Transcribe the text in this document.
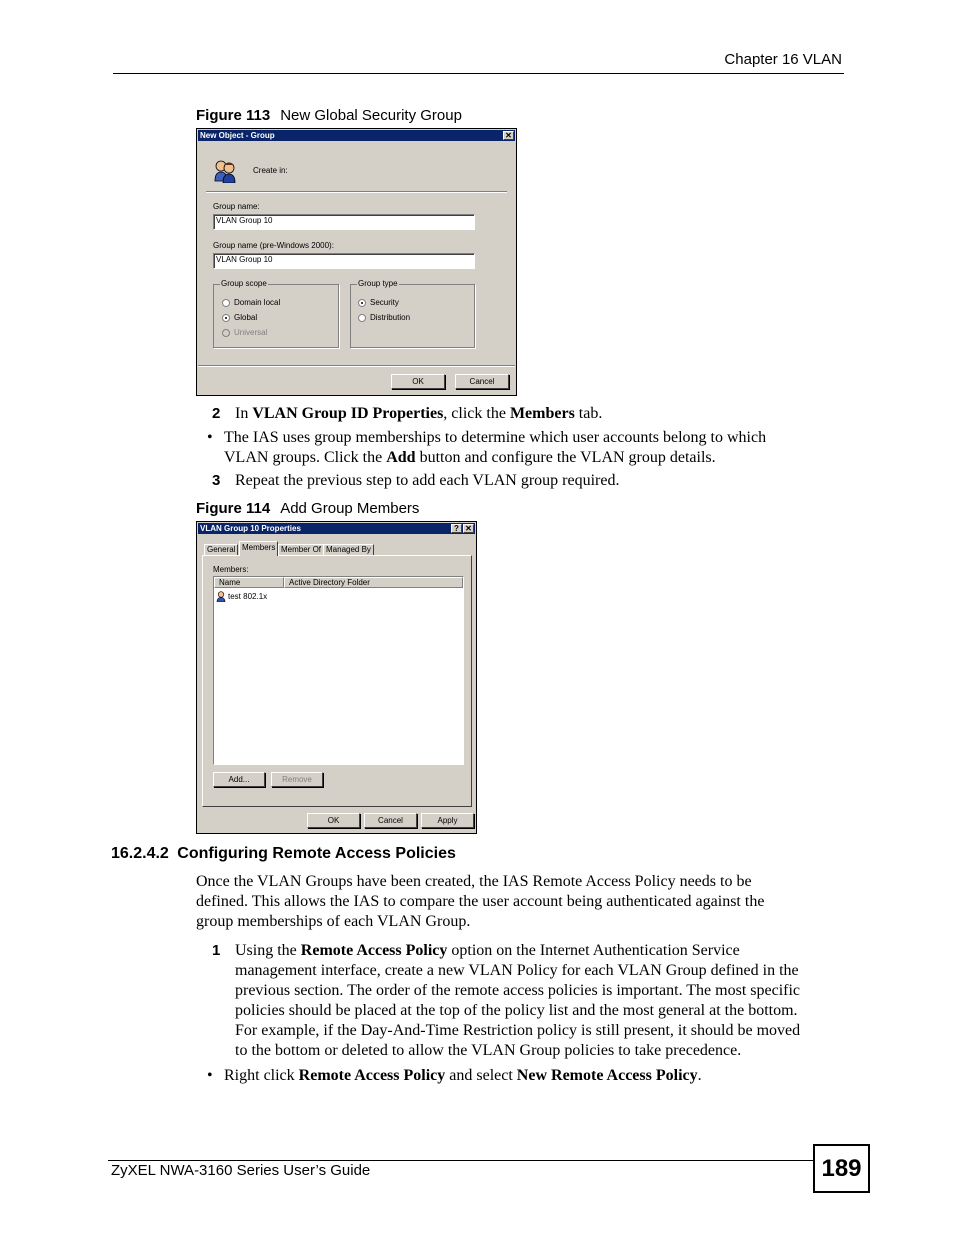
Chapter 16 VLAN
Figure 113 New Global Security Group
New Object - Group	✕
Create in:
Group name:
VLAN Group 10
Group name (pre-Windows 2000):
VLAN Group 10
Group scope
Domain local
Global
Universal
Group type
Security
Distribution
OK	Cancel
2 In VLAN Group ID Properties, click the Members tab.
• The IAS uses group memberships to determine which user accounts belong to which
VLAN groups. Click the Add button and configure the VLAN group details.
3 Repeat the previous step to add each VLAN group required.
Figure 114 Add Group Members
VLAN Group 10 Properties	? ✕
General Members Member Of Managed By
Members:
Name	Active Directory Folder
test 802.1x
Add...	Remove
OK	Cancel	Apply
16.2.4.2 Configuring Remote Access Policies
Once the VLAN Groups have been created, the IAS Remote Access Policy needs to be
defined. This allows the IAS to compare the user account being authenticated against the
group memberships of each VLAN Group.
1 Using the Remote Access Policy option on the Internet Authentication Service
management interface, create a new VLAN Policy for each VLAN Group defined in the
previous section. The order of the remote access policies is important. The most specific
policies should be placed at the top of the policy list and the most general at the bottom.
For example, if the Day-And-Time Restriction policy is still present, it should be moved
to the bottom or deleted to allow the VLAN Group policies to take precedence.
• Right click Remote Access Policy and select New Remote Access Policy.
ZyXEL NWA-3160 Series User’s Guide	189
